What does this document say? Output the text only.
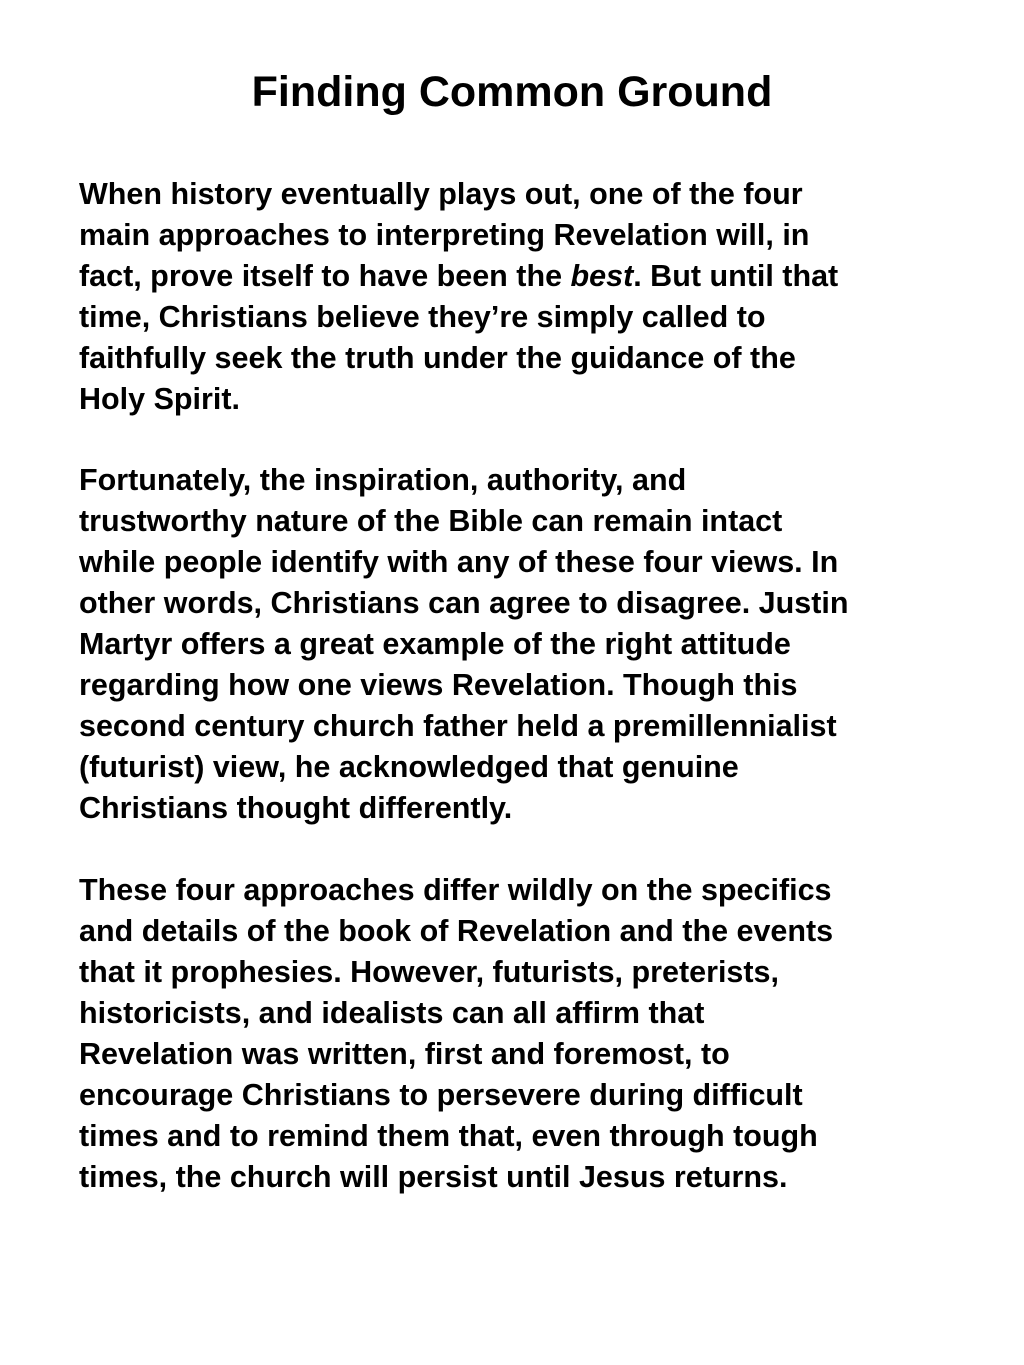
Finding Common Ground

When history eventually plays out, one of the four
main approaches to interpreting Revelation will, in
fact, prove itself to have been the best. But until that
time, Christians believe they’re simply called to
faithfully seek the truth under the guidance of the
Holy Spirit.

Fortunately, the inspiration, authority, and
trustworthy nature of the Bible can remain intact
while people identify with any of these four views. In
other words, Christians can agree to disagree. Justin
Martyr offers a great example of the right attitude
regarding how one views Revelation. Though this
second century church father held a premillennialist
(futurist) view, he acknowledged that genuine
Christians thought differently.

These four approaches differ wildly on the specifics
and details of the book of Revelation and the events
that it prophesies. However, futurists, preterists,
historicists, and idealists can all affirm that
Revelation was written, first and foremost, to
encourage Christians to persevere during difficult
times and to remind them that, even through tough
times, the church will persist until Jesus returns.
